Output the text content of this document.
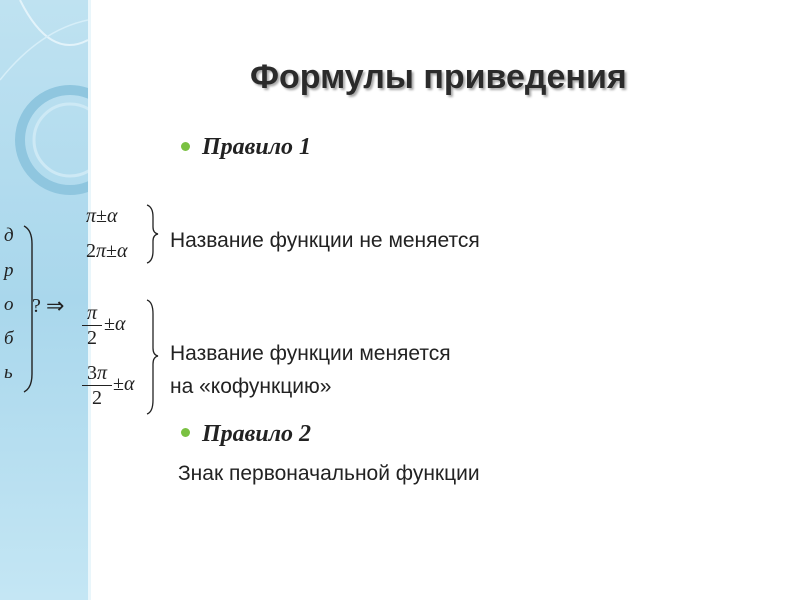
Формулы приведения
Правило 1
д
р
о
б
ь
? ⇒
π±α
2π±α Название функции не меняется
π
2
±α
3π
2
±α
Название функции меняется
на «кофункцию»
Правило 2
Знак первоначальной функции
